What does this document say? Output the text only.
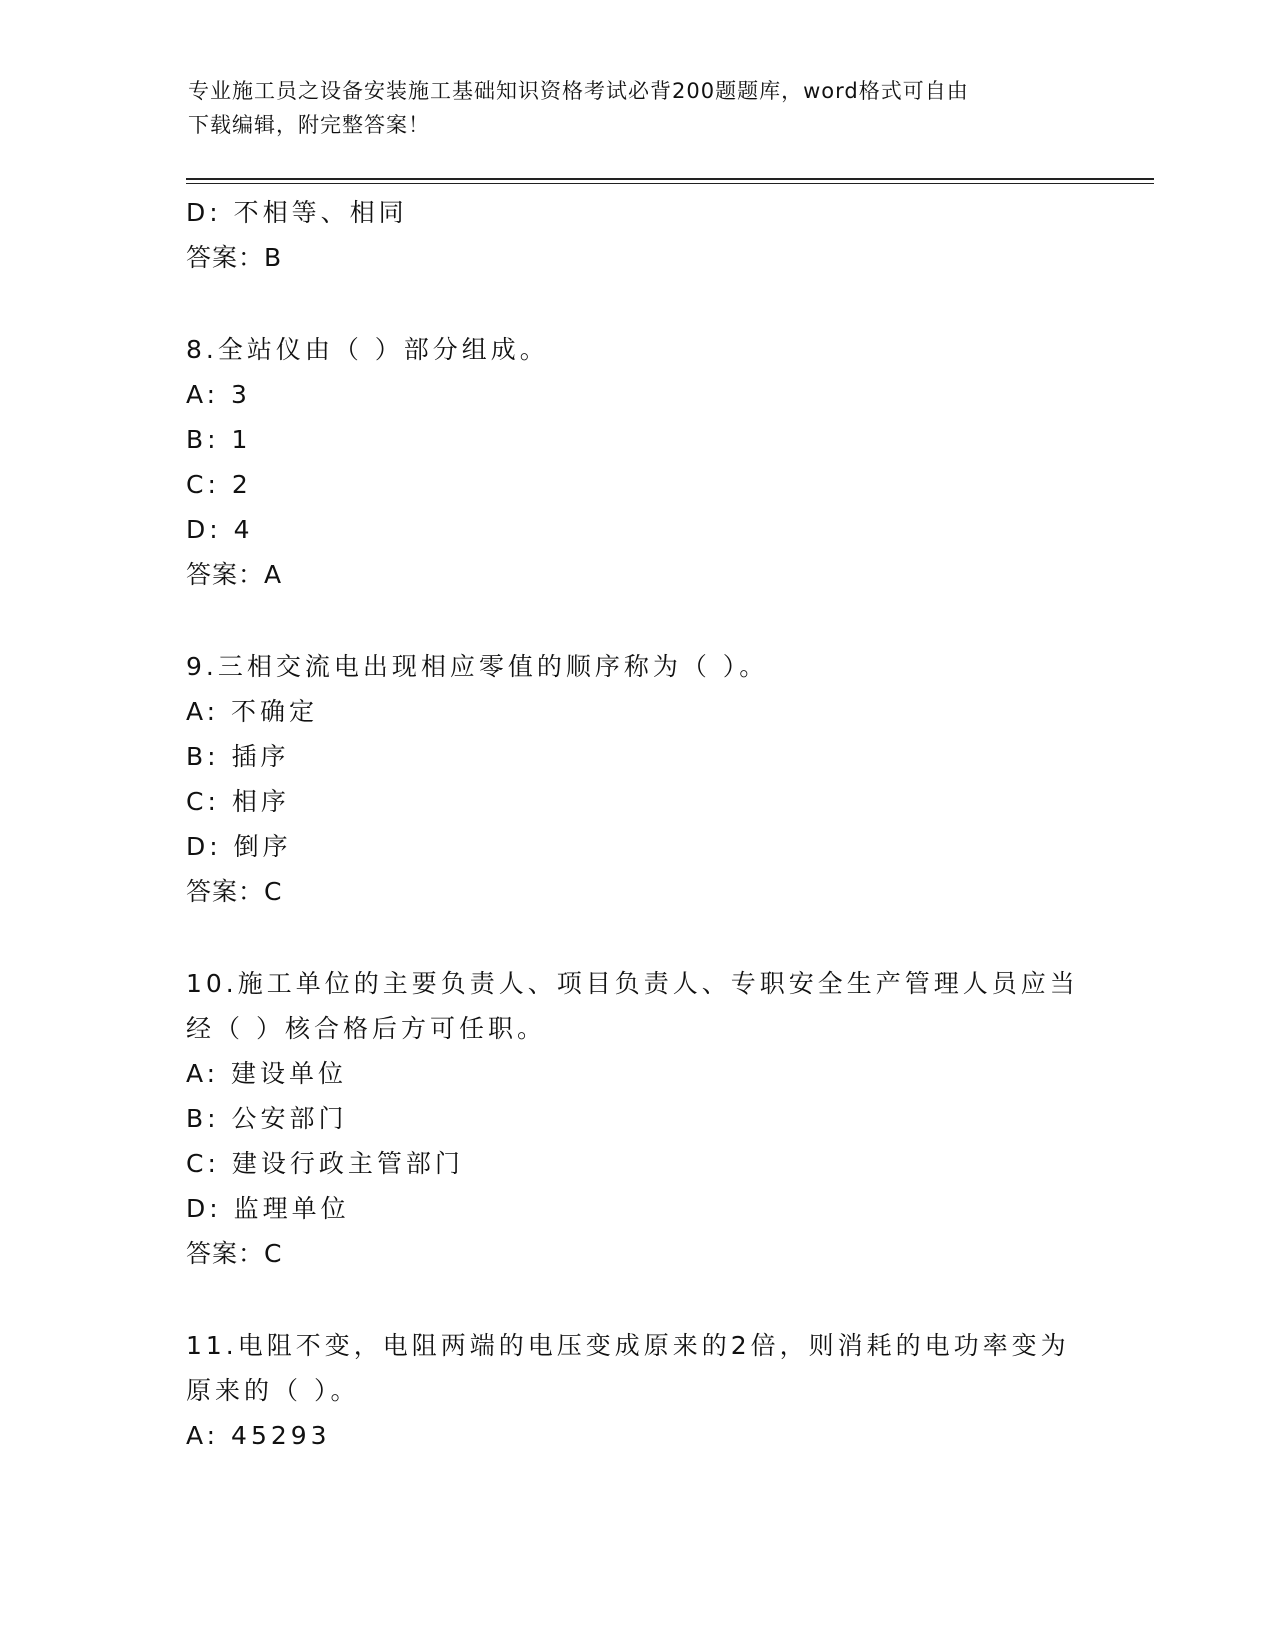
专业施工员之设备安装施工基础知识资格考试必背200题题库，word格式可自由
下载编辑，附完整答案！
D: 不相等、相同
答案：B
8.全站仪由（ ）部分组成。
A: 3
B: 1
C: 2
D: 4
答案：A
9.三相交流电出现相应零值的顺序称为（ ）。
A: 不确定
B: 插序
C: 相序
D: 倒序
答案：C
10.施工单位的主要负责人、项目负责人、专职安全生产管理人员应当
经（ ）核合格后方可任职。
A: 建设单位
B: 公安部门
C: 建设行政主管部门
D: 监理单位
答案：C
11.电阻不变，电阻两端的电压变成原来的2倍，则消耗的电功率变为
原来的（ ）。
A: 45293
